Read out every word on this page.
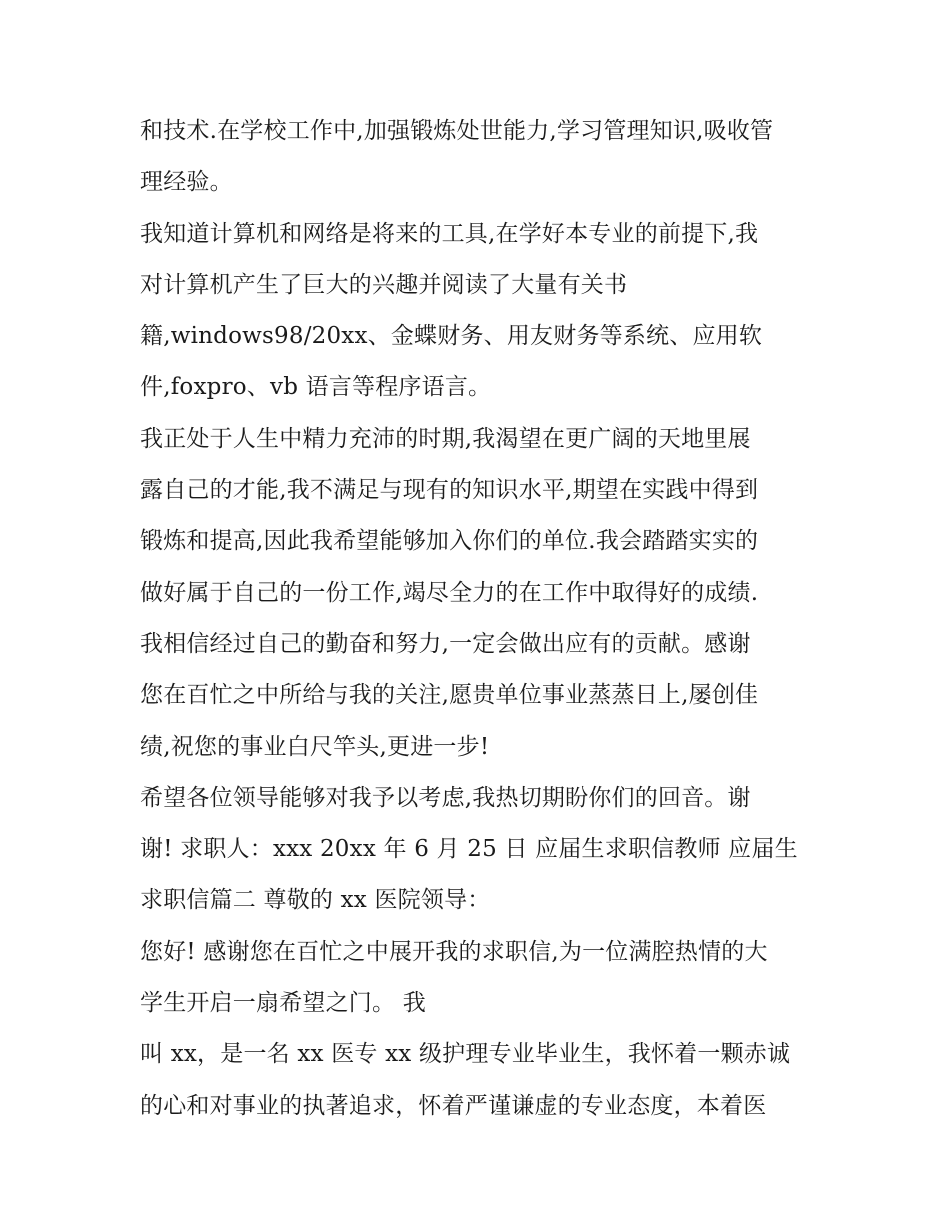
和技术.在学校工作中,加强锻炼处世能力,学习管理知识,吸收管
理经验。
我知道计算机和网络是将来的工具,在学好本专业的前提下,我
对计算机产生了巨大的兴趣并阅读了大量有关书
籍,windows98/20xx、金蝶财务、用友财务等系统、应用软
件,foxpro、vb 语言等程序语言。
我正处于人生中精力充沛的时期,我渴望在更广阔的天地里展
露自己的才能,我不满足与现有的知识水平,期望在实践中得到
锻炼和提高,因此我希望能够加入你们的单位.我会踏踏实实的
做好属于自己的一份工作,竭尽全力的在工作中取得好的成绩.
我相信经过自己的勤奋和努力,一定会做出应有的贡献。感谢
您在百忙之中所给与我的关注,愿贵单位事业蒸蒸日上,屡创佳
绩,祝您的事业白尺竿头,更进一步!
希望各位领导能够对我予以考虑,我热切期盼你们的回音。谢
谢! 求职人：xxx 20xx 年 6 月 25 日 应届生求职信教师 应届生
求职信篇二 尊敬的 xx 医院领导：
您好! 感谢您在百忙之中展开我的求职信,为一位满腔热情的大
学生开启一扇希望之门。 我
叫 xx，是一名 xx 医专 xx 级护理专业毕业生，我怀着一颗赤诚
的心和对事业的执著追求，怀着严谨谦虚的专业态度，本着医
